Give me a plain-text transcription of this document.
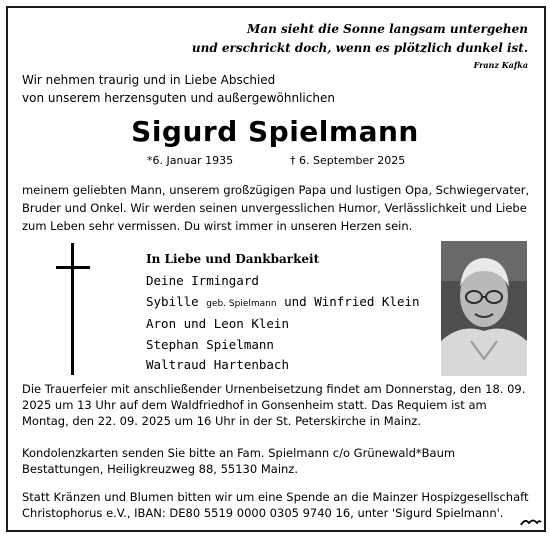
Man sieht die Sonne langsam untergehen
und erschrickt doch, wenn es plötzlich dunkel ist.
Franz Kafka
Wir nehmen traurig und in Liebe Abschied
von unserem herzensguten und außergewöhnlichen
Sigurd Spielmann
*6. Januar 1935	† 6. September 2025
meinem geliebten Mann, unserem großzügigen Papa und lustigen Opa, Schwiegervater, Bruder und Onkel. Wir werden seinen unvergesslichen Humor, Verlässlichkeit und Liebe zum Leben sehr vermissen. Du wirst immer in unseren Herzen sein.
In Liebe und Dankbarkeit
Deine Irmingard
Sybille geb. Spielmann und Winfried Klein
Aron und Leon Klein
Stephan Spielmann
Waltraud Hartenbach
Die Trauerfeier mit anschließender Urnenbeisetzung findet am Donnerstag, den 18. 09. 2025 um 13 Uhr auf dem Waldfriedhof in Gonsenheim statt. Das Requiem ist am Montag, den 22. 09. 2025 um 16 Uhr in der St. Peterskirche in Mainz.
Kondolenzkarten senden Sie bitte an Fam. Spielmann c/o Grünewald*Baum Bestattungen, Heiligkreuzweg 88, 55130 Mainz.
Statt Kränzen und Blumen bitten wir um eine Spende an die Mainzer Hospizgesellschaft Christophorus e.V., IBAN: DE80 5519 0000 0305 9740 16, unter 'Sigurd Spielmann'.
